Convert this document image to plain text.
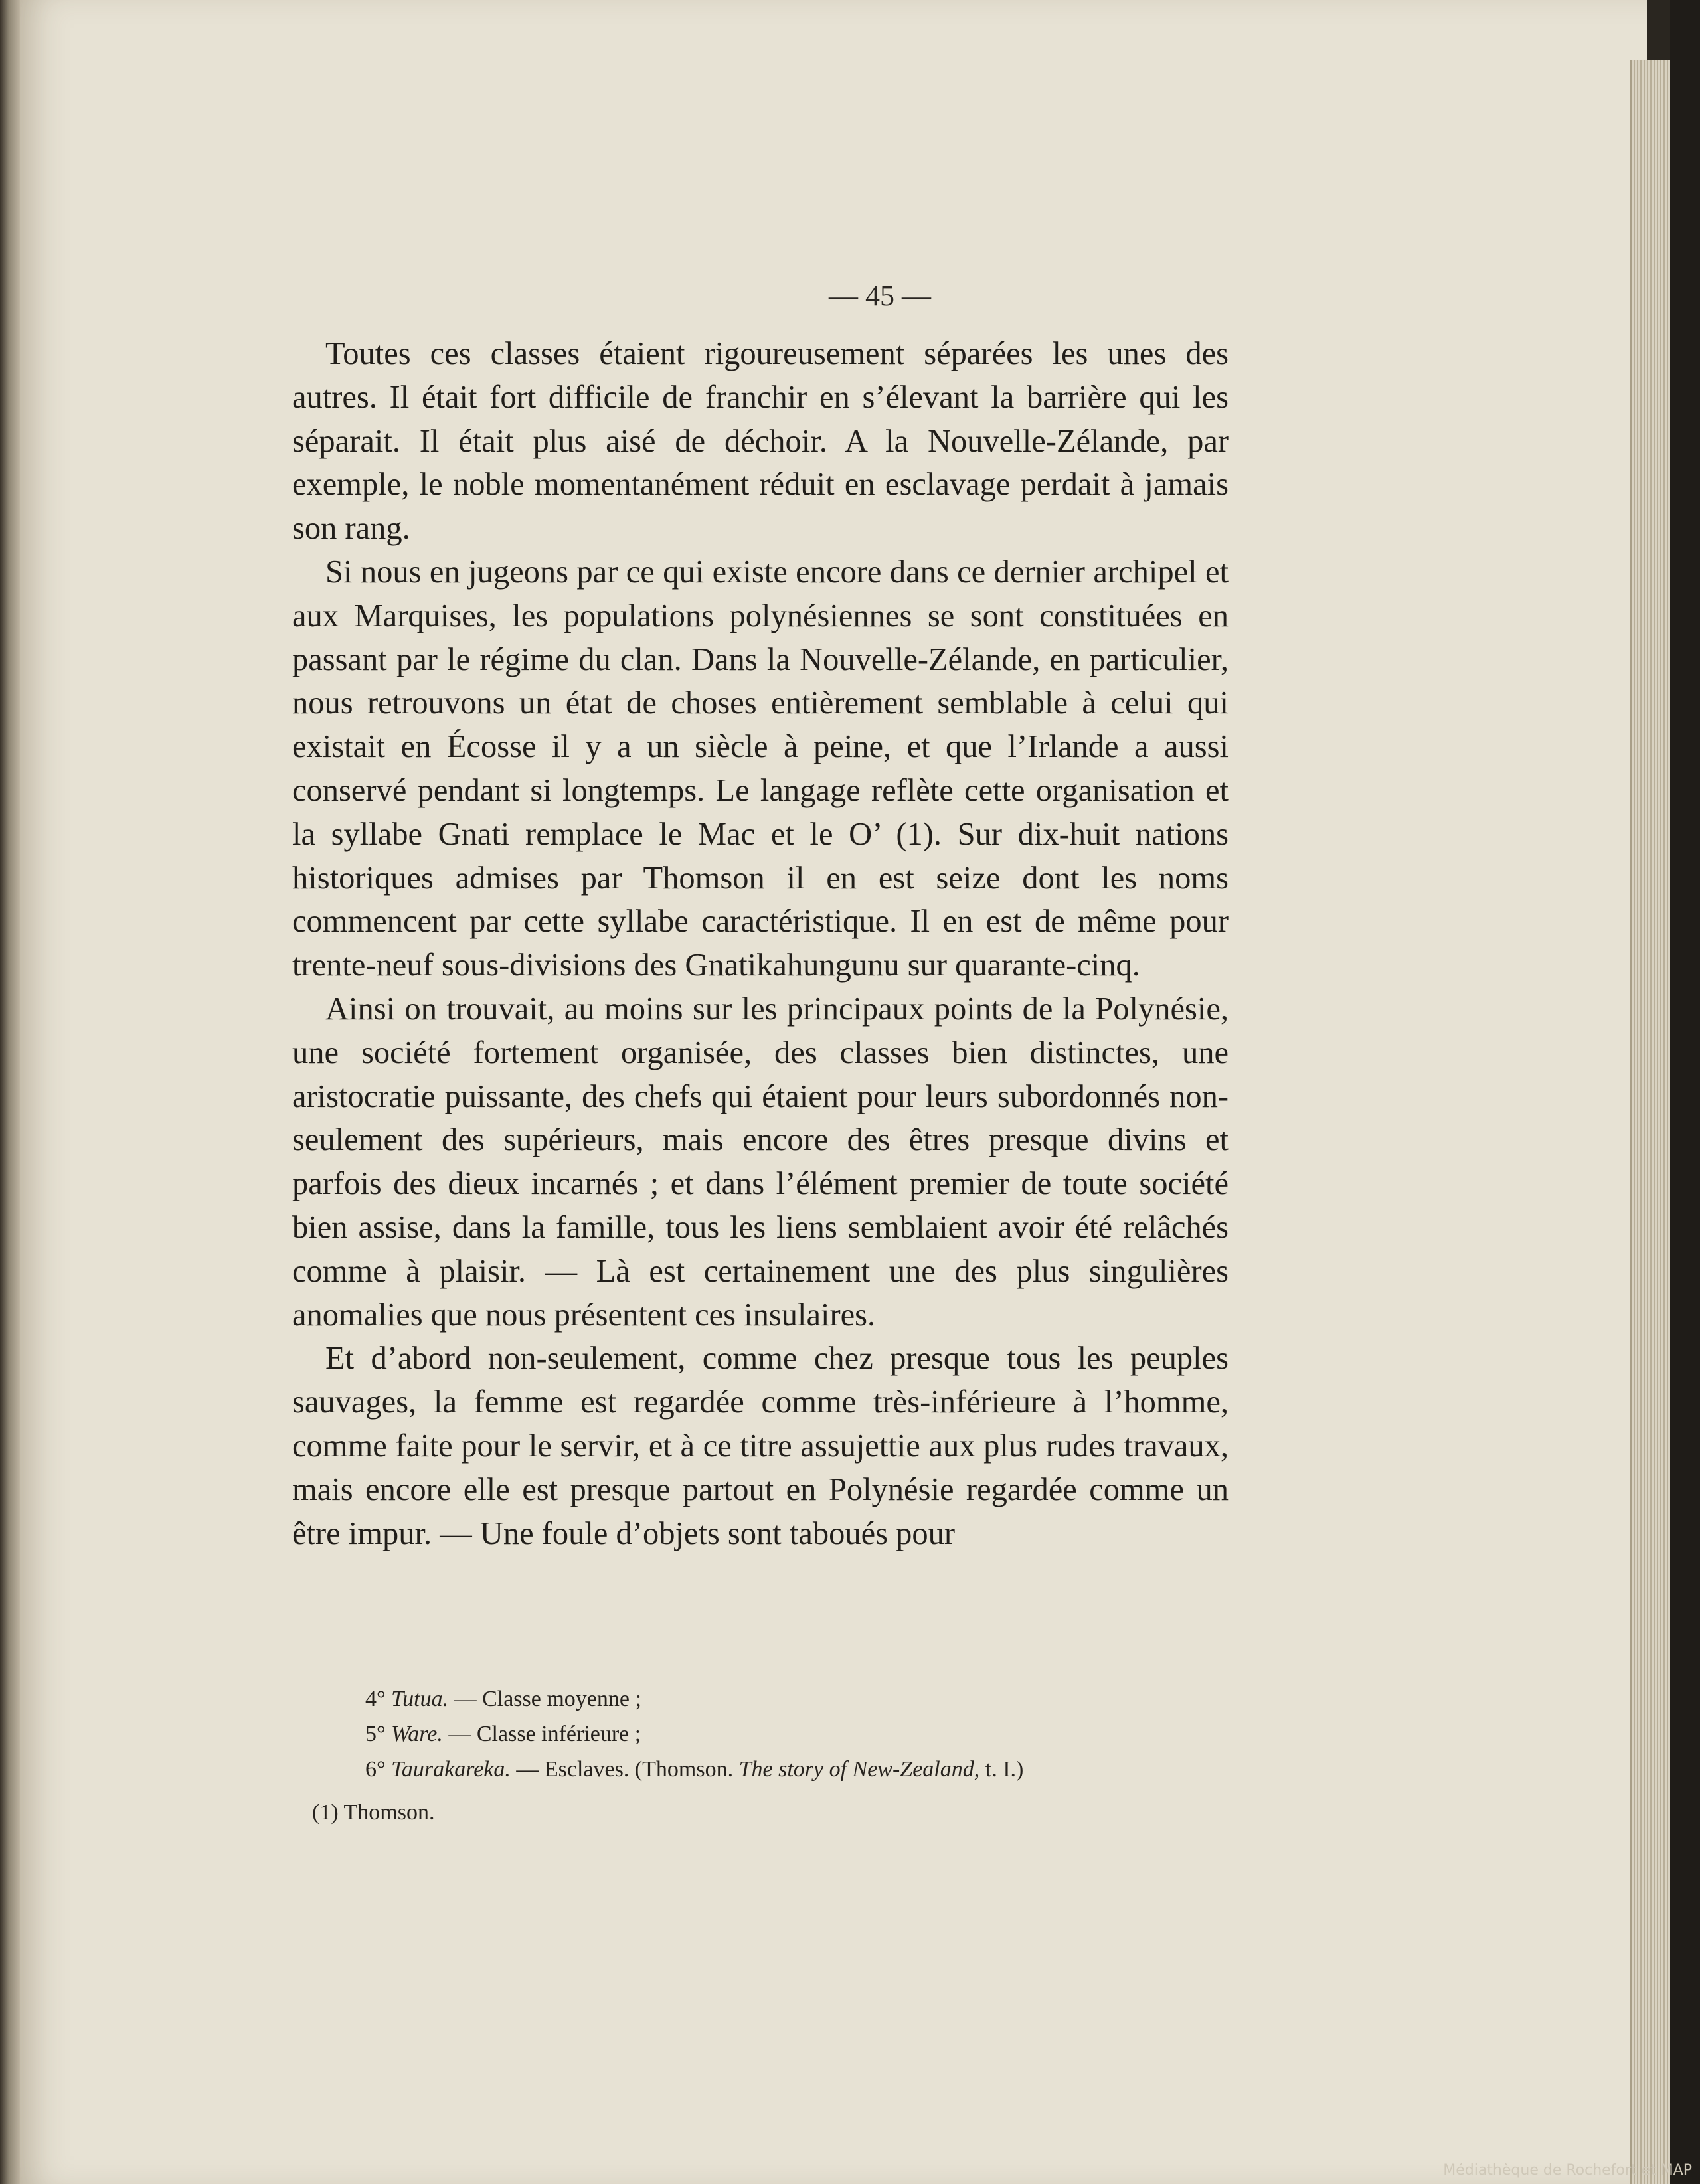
— 45 —

Toutes ces classes étaient rigoureusement séparées les unes des autres. Il était fort difficile de franchir en s’élevant la barrière qui les séparait. Il était plus aisé de déchoir. A la Nouvelle-Zélande, par exemple, le noble momentanément réduit en esclavage perdait à jamais son rang.

Si nous en jugeons par ce qui existe encore dans ce dernier archipel et aux Marquises, les populations polynésiennes se sont constituées en passant par le régime du clan. Dans la Nouvelle-Zélande, en particulier, nous retrouvons un état de choses entièrement semblable à celui qui existait en Écosse il y a un siècle à peine, et que l’Irlande a aussi conservé pendant si longtemps. Le langage reflète cette organisation et la syllabe Gnati remplace le Mac et le O’ (1). Sur dix-huit nations historiques admises par Thomson il en est seize dont les noms commencent par cette syllabe caractéristique. Il en est de même pour trente-neuf sous-divisions des Gnatikahungunu sur quarante-cinq.

Ainsi on trouvait, au moins sur les principaux points de la Polynésie, une société fortement organisée, des classes bien distinctes, une aristocratie puissante, des chefs qui étaient pour leurs subordonnés non-seulement des supérieurs, mais encore des êtres presque divins et parfois des dieux incarnés ; et dans l’élément premier de toute société bien assise, dans la famille, tous les liens semblaient avoir été relâchés comme à plaisir. — Là est certainement une des plus singulières anomalies que nous présentent ces insulaires.

Et d’abord non-seulement, comme chez presque tous les peuples sauvages, la femme est regardée comme très-inférieure à l’homme, comme faite pour le servir, et à ce titre assujettie aux plus rudes travaux, mais encore elle est presque partout en Polynésie regardée comme un être impur. — Une foule d’objets sont taboués pour

4° Tutua. — Classe moyenne ;
5° Ware. — Classe inférieure ;
6° Taurakareka. — Esclaves. (Thomson. The story of New-Zealand, t. I.)
(1) Thomson.
Médiathèque de Rochefort et MAP
